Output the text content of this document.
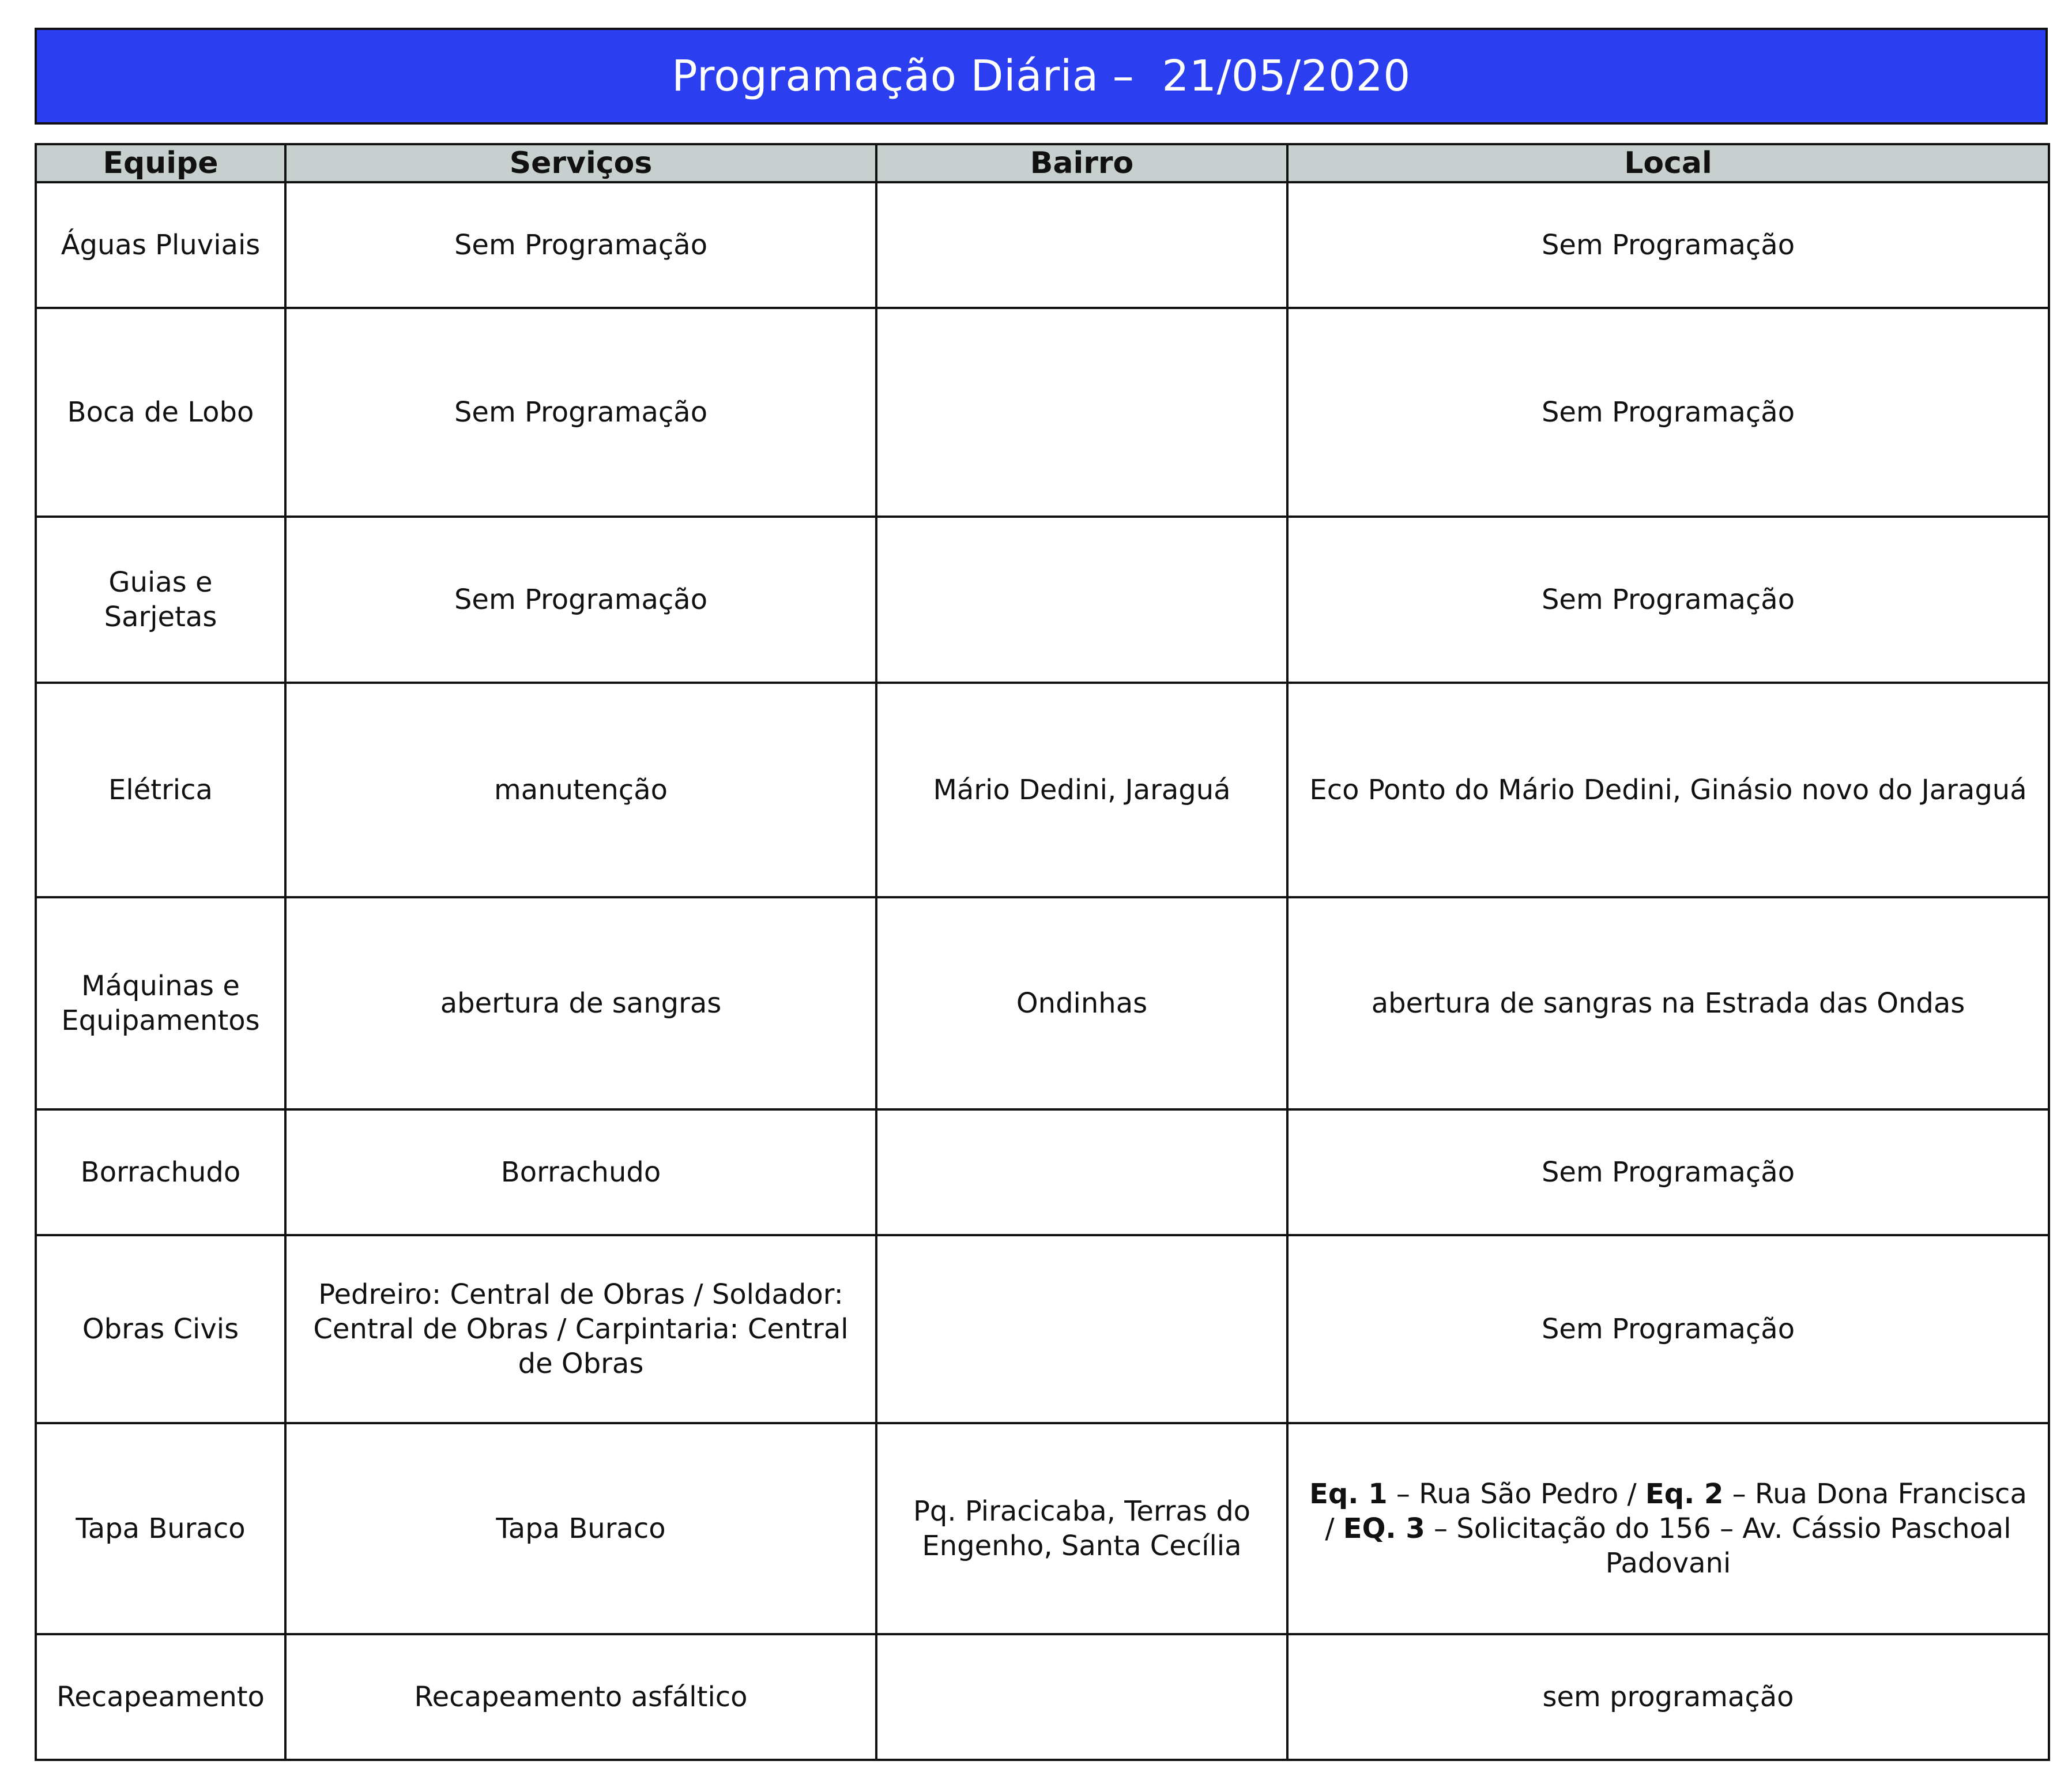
Programação Diária –  21/05/2020
Equipe	Serviços	Bairro	Local
Águas Pluviais	Sem Programação		Sem Programação
Boca de Lobo	Sem Programação		Sem Programação
Guias e Sarjetas	Sem Programação		Sem Programação
Elétrica	manutenção	Mário Dedini, Jaraguá	Eco Ponto do Mário Dedini, Ginásio novo do Jaraguá
Máquinas e Equipamentos	abertura de sangras	Ondinhas	abertura de sangras na Estrada das Ondas
Borrachudo	Borrachudo		Sem Programação
Obras Civis	Pedreiro: Central de Obras / Soldador: Central de Obras / Carpintaria: Central de Obras		Sem Programação
Tapa Buraco	Tapa Buraco	Pq. Piracicaba, Terras do Engenho, Santa Cecília	Eq. 1 – Rua São Pedro / Eq. 2 – Rua Dona Francisca / EQ. 3 – Solicitação do 156 – Av. Cássio Paschoal Padovani
Recapeamento	Recapeamento asfáltico		sem programação
